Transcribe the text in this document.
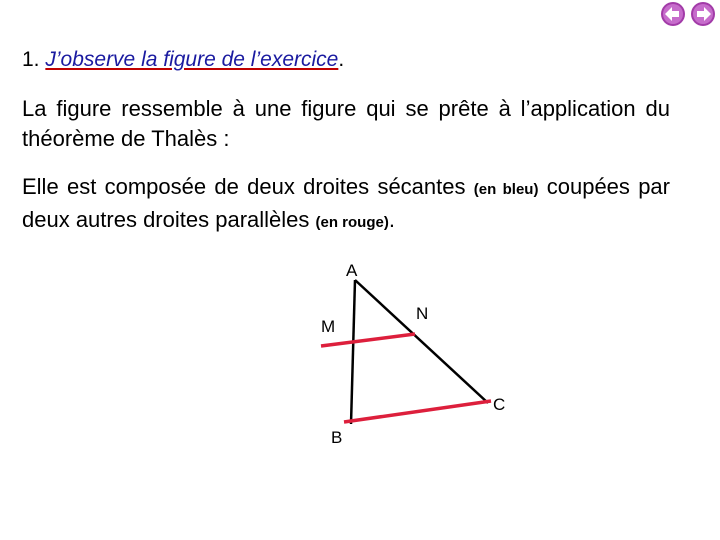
1. J’observe la figure de l’exercice.
La figure ressemble à une figure qui se prête à l’application du théorème de Thalès :
Elle est composée de deux droites sécantes (en bleu) coupées par deux autres droites parallèles (en rouge).
A
M
N
C
B
